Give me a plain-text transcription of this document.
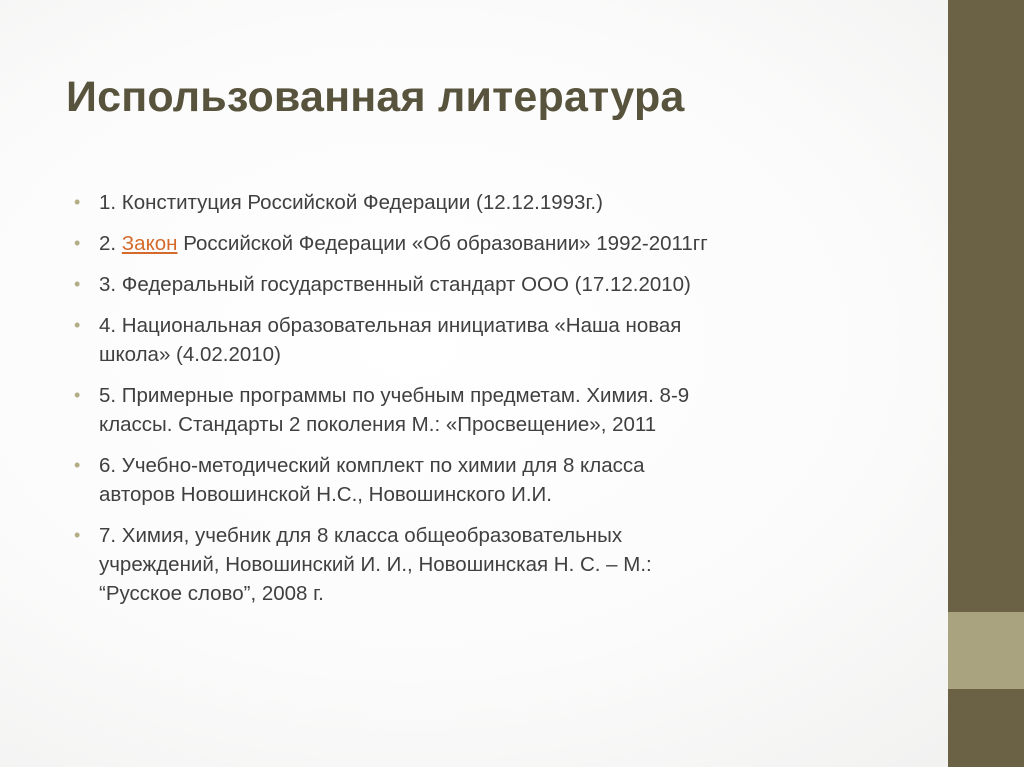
Использованная литература
• 1. Конституция Российской Федерации (12.12.1993г.)
• 2. Закон Российской Федерации «Об образовании» 1992-2011гг
• 3. Федеральный государственный стандарт ООО (17.12.2010)
• 4. Национальная образовательная инициатива «Наша новая
школа» (4.02.2010)
• 5. Примерные программы по учебным предметам. Химия. 8-9
классы. Стандарты 2 поколения М.: «Просвещение», 2011
• 6. Учебно-методический комплект по химии для 8 класса
авторов Новошинской Н.С., Новошинского И.И.
• 7. Химия, учебник для 8 класса общеобразовательных
учреждений, Новошинский И. И., Новошинская Н. С. – М.:
“Русское слово”, 2008 г.
